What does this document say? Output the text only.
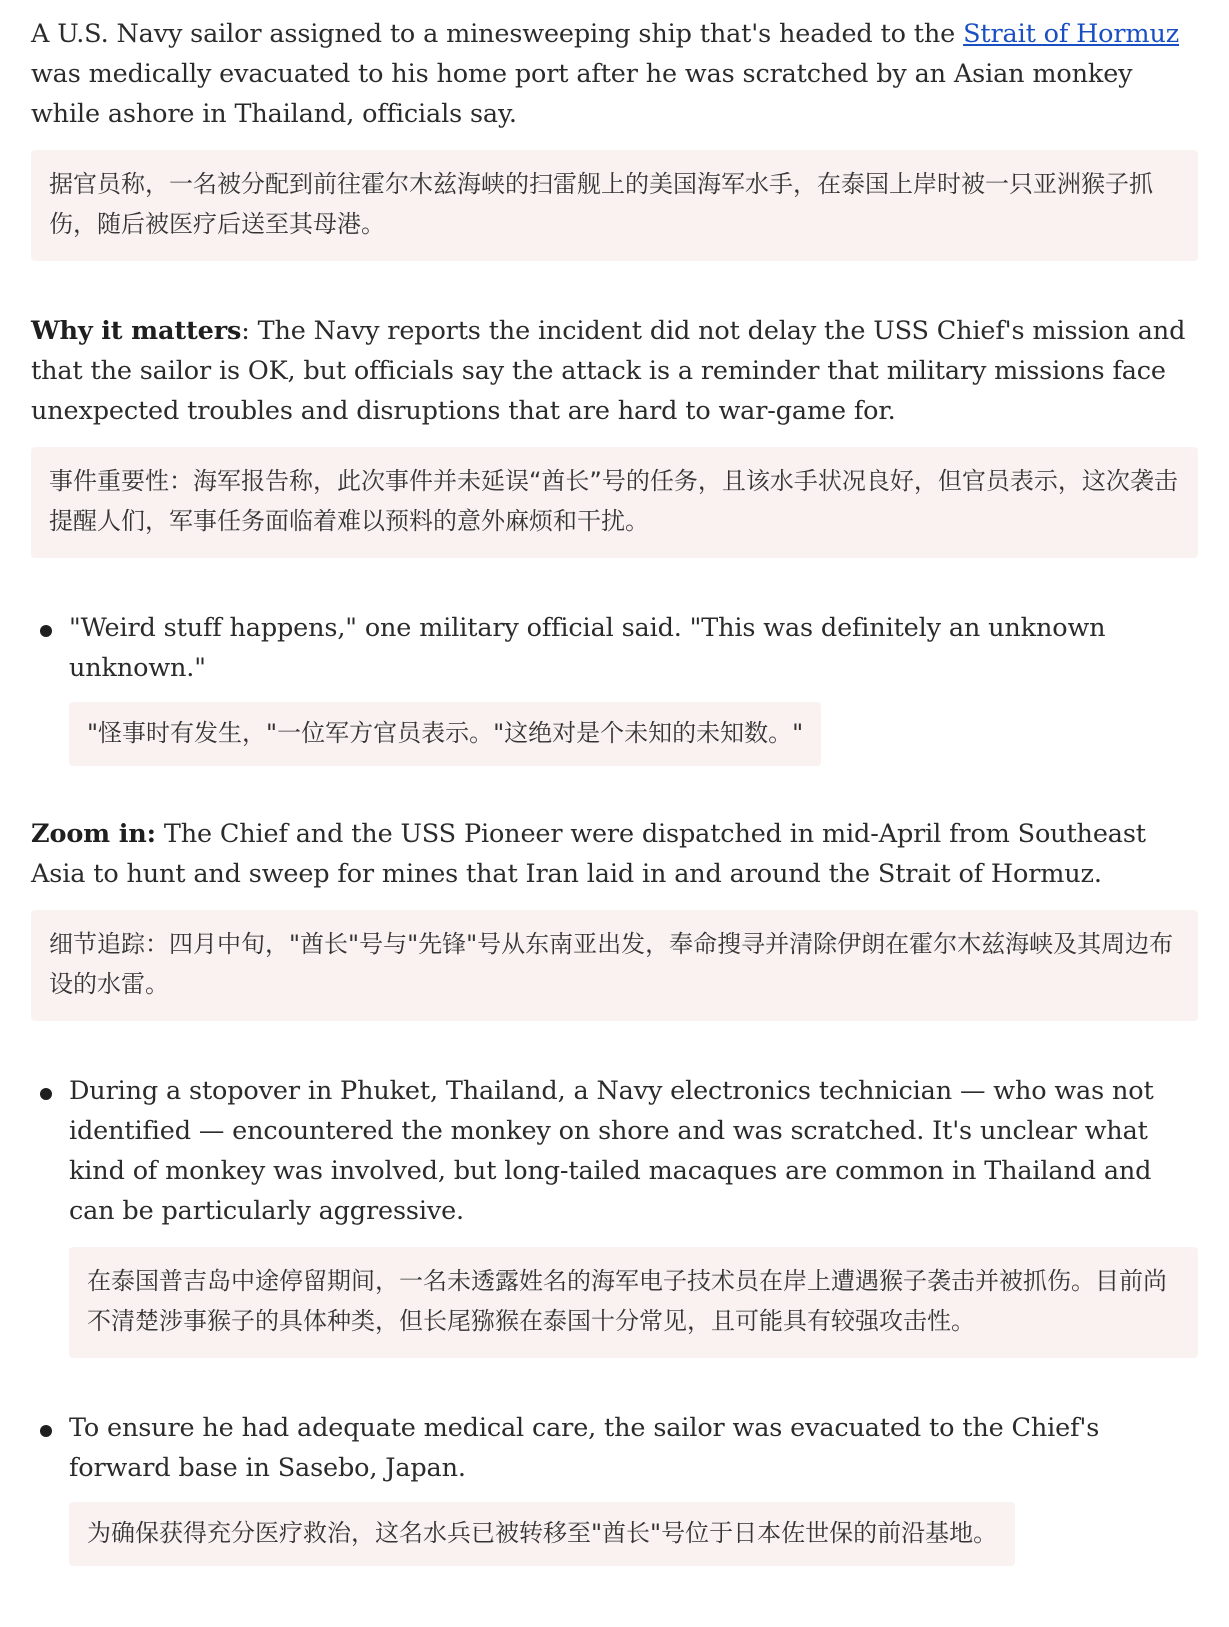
A U.S. Navy sailor assigned to a minesweeping ship that's headed to the Strait of Hormuz was medically evacuated to his home port after he was scratched by an Asian monkey while ashore in Thailand, officials say.

据官员称，一名被分配到前往霍尔木兹海峡的扫雷舰上的美国海军水手，在泰国上岸时被一只亚洲猴子抓伤，随后被医疗后送至其母港。

Why it matters: The Navy reports the incident did not delay the USS Chief's mission and that the sailor is OK, but officials say the attack is a reminder that military missions face unexpected troubles and disruptions that are hard to war-game for.

事件重要性：海军报告称，此次事件并未延误“酋长”号的任务，且该水手状况良好，但官员表示，这次袭击提醒人们，军事任务面临着难以预料的意外麻烦和干扰。

"Weird stuff happens," one military official said. "This was definitely an unknown unknown."

"怪事时有发生，"一位军方官员表示。"这绝对是个未知的未知数。"

Zoom in: The Chief and the USS Pioneer were dispatched in mid-April from Southeast Asia to hunt and sweep for mines that Iran laid in and around the Strait of Hormuz.

细节追踪：四月中旬，"酋长"号与"先锋"号从东南亚出发，奉命搜寻并清除伊朗在霍尔木兹海峡及其周边布设的水雷。

During a stopover in Phuket, Thailand, a Navy electronics technician — who was not identified — encountered the monkey on shore and was scratched. It's unclear what kind of monkey was involved, but long-tailed macaques are common in Thailand and can be particularly aggressive.

在泰国普吉岛中途停留期间，一名未透露姓名的海军电子技术员在岸上遭遇猴子袭击并被抓伤。目前尚不清楚涉事猴子的具体种类，但长尾猕猴在泰国十分常见，且可能具有较强攻击性。

To ensure he had adequate medical care, the sailor was evacuated to the Chief's forward base in Sasebo, Japan.

为确保获得充分医疗救治，这名水兵已被转移至"酋长"号位于日本佐世保的前沿基地。
